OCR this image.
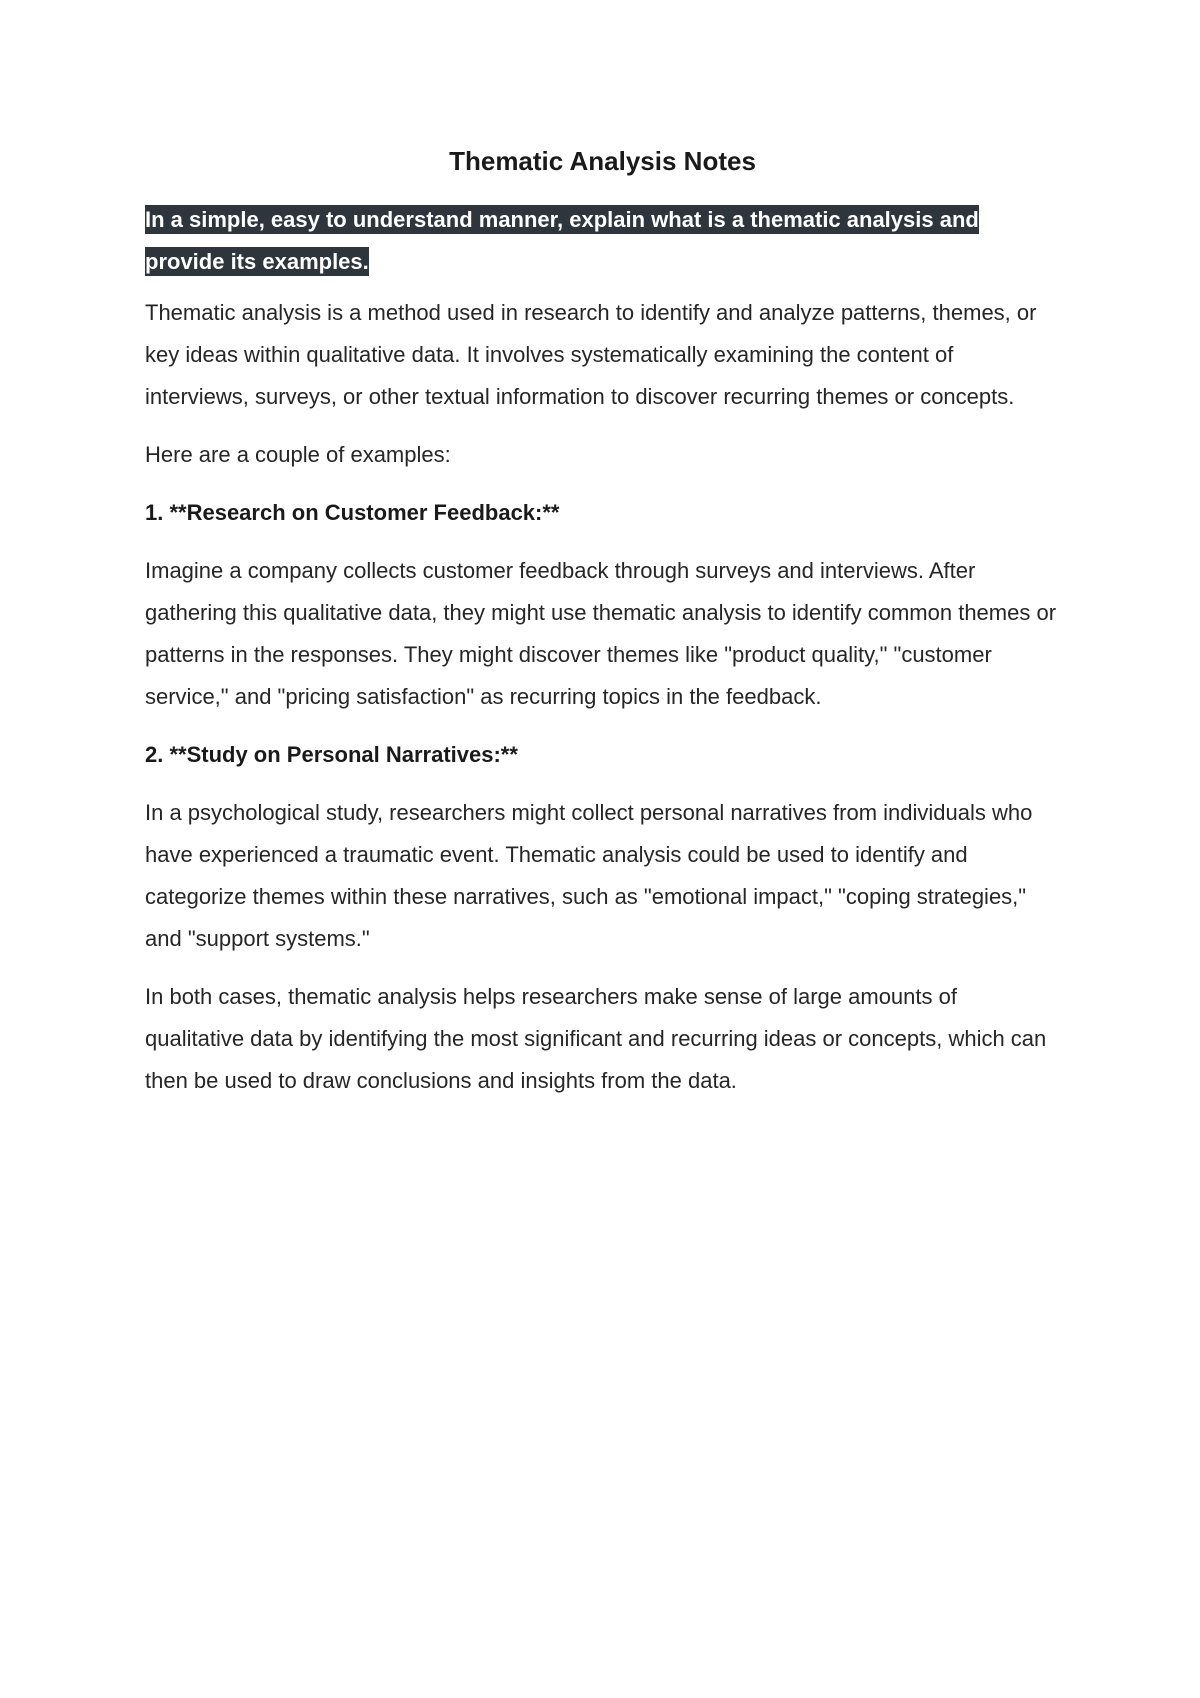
Thematic Analysis Notes
In a simple, easy to understand manner, explain what is a thematic analysis and provide its examples.

Thematic analysis is a method used in research to identify and analyze patterns, themes, or key ideas within qualitative data. It involves systematically examining the content of interviews, surveys, or other textual information to discover recurring themes or concepts.

Here are a couple of examples:

1. **Research on Customer Feedback:**

Imagine a company collects customer feedback through surveys and interviews. After gathering this qualitative data, they might use thematic analysis to identify common themes or patterns in the responses. They might discover themes like "product quality," "customer service," and "pricing satisfaction" as recurring topics in the feedback.

2. **Study on Personal Narratives:**

In a psychological study, researchers might collect personal narratives from individuals who have experienced a traumatic event. Thematic analysis could be used to identify and categorize themes within these narratives, such as "emotional impact," "coping strategies," and "support systems."

In both cases, thematic analysis helps researchers make sense of large amounts of qualitative data by identifying the most significant and recurring ideas or concepts, which can then be used to draw conclusions and insights from the data.
